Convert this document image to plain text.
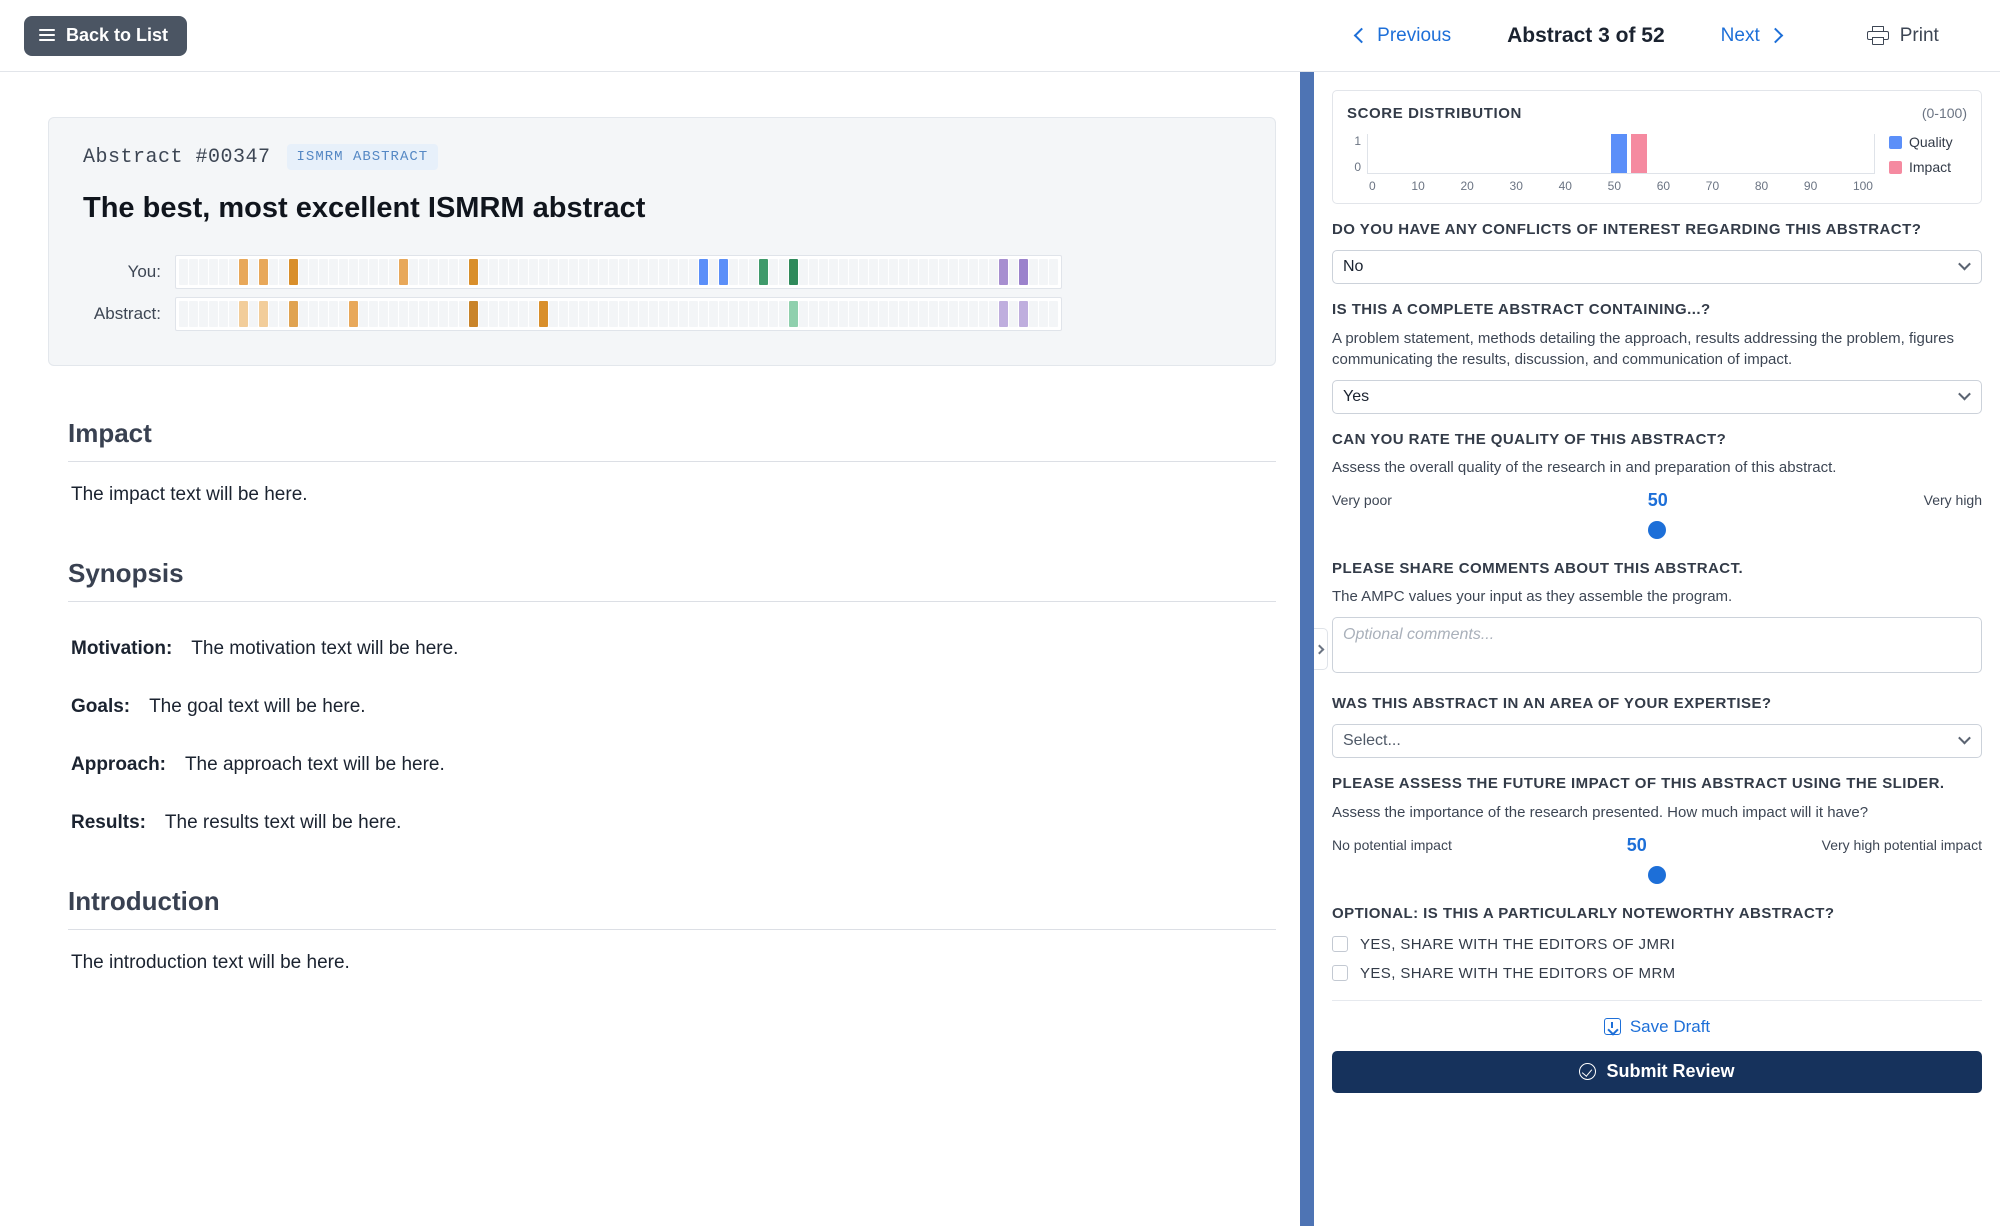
Back to List	Previous	Abstract 3 of 52	Next	Print
Abstract #00347	ISMRM ABSTRACT
The best, most excellent ISMRM abstract
You:
Abstract:
Impact

The impact text will be here.

Synopsis
Motivation: The motivation text will be here.
Goals: The goal text will be here.
Approach: The approach text will be here.
Results: The results text will be here.
Introduction

The introduction text will be here.

SCORE DISTRIBUTION	(0-100)
1
0
0	10	20	30	40	50	60	70	80	90	100
Quality
Impact
DO YOU HAVE ANY CONFLICTS OF INTEREST REGARDING THIS ABSTRACT?
No
IS THIS A COMPLETE ABSTRACT CONTAINING...?
A problem statement, methods detailing the approach, results addressing the problem, figures communicating the results, discussion, and communication of impact.
Yes
CAN YOU RATE THE QUALITY OF THIS ABSTRACT?
Assess the overall quality of the research in and preparation of this abstract.
Very poor	50	Very high
PLEASE SHARE COMMENTS ABOUT THIS ABSTRACT.
The AMPC values your input as they assemble the program.
Optional comments...
WAS THIS ABSTRACT IN AN AREA OF YOUR EXPERTISE?
Select...
PLEASE ASSESS THE FUTURE IMPACT OF THIS ABSTRACT USING THE SLIDER.
Assess the importance of the research presented. How much impact will it have?
No potential impact	50	Very high potential impact
OPTIONAL: IS THIS A PARTICULARLY NOTEWORTHY ABSTRACT?
YES, SHARE WITH THE EDITORS OF JMRI
YES, SHARE WITH THE EDITORS OF MRM
Save Draft
Submit Review
